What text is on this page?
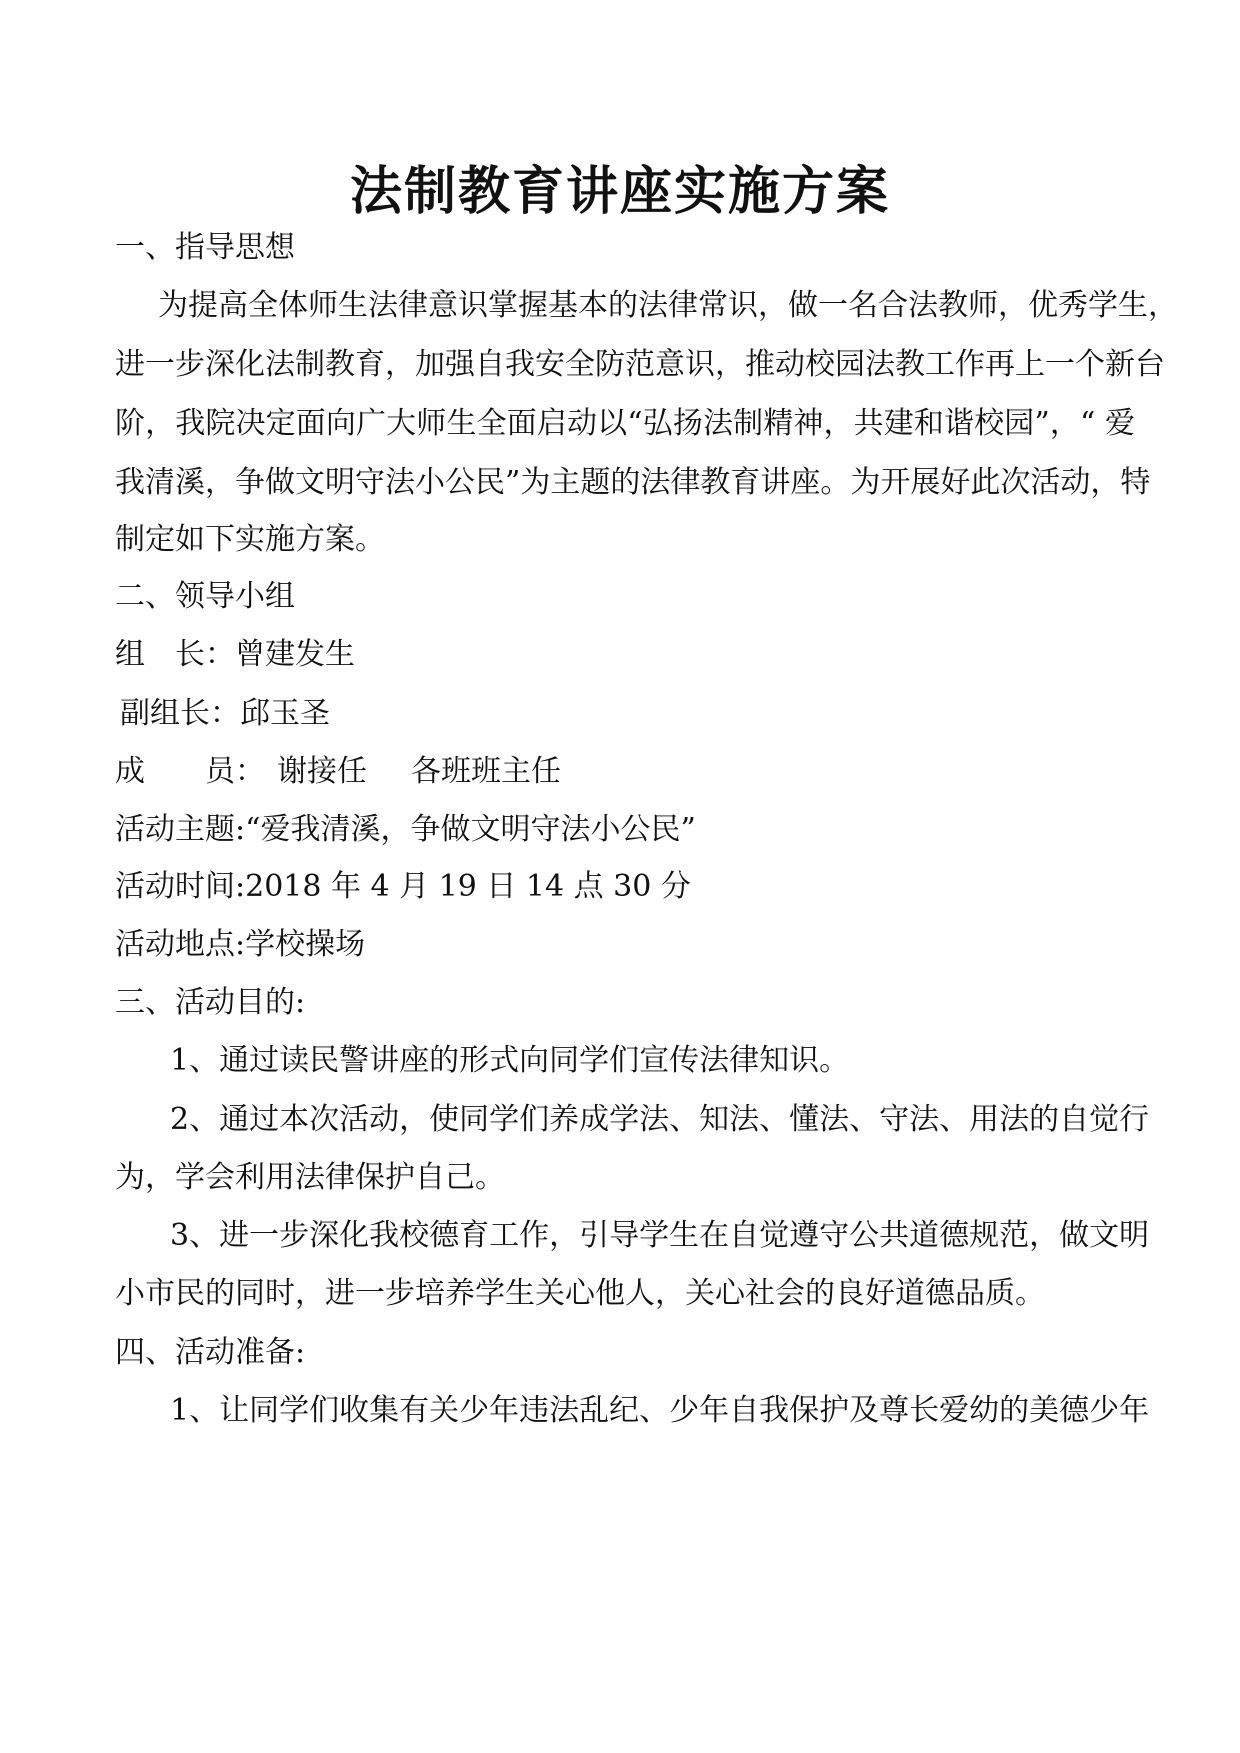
法制教育讲座实施方案
一、指导思想
为提高全体师生法律意识掌握基本的法律常识，做一名合法教师，优秀学生，
进一步深化法制教育，加强自我安全防范意识，推动校园法教工作再上一个新台
阶，我院决定面向广大师生全面启动以“弘扬法制精神，共建和谐校园”，“ 爱
我清溪，争做文明守法小公民”为主题的法律教育讲座。为开展好此次活动，特
制定如下实施方案。
二、领导小组
组　长：曾建发生
副组长：邱玉圣
成　　员： 谢接任 各班班主任
活动主题:“爱我清溪，争做文明守法小公民”
活动时间:2018 年 4 月 19 日 14 点 30 分
活动地点:学校操场
三、活动目的:
1、通过读民警讲座的形式向同学们宣传法律知识。
2、通过本次活动，使同学们养成学法、知法、懂法、守法、用法的自觉行
为，学会利用法律保护自己。
3、进一步深化我校德育工作，引导学生在自觉遵守公共道德规范，做文明
小市民的同时，进一步培养学生关心他人，关心社会的良好道德品质。
四、活动准备:
1、让同学们收集有关少年违法乱纪、少年自我保护及尊长爱幼的美德少年
